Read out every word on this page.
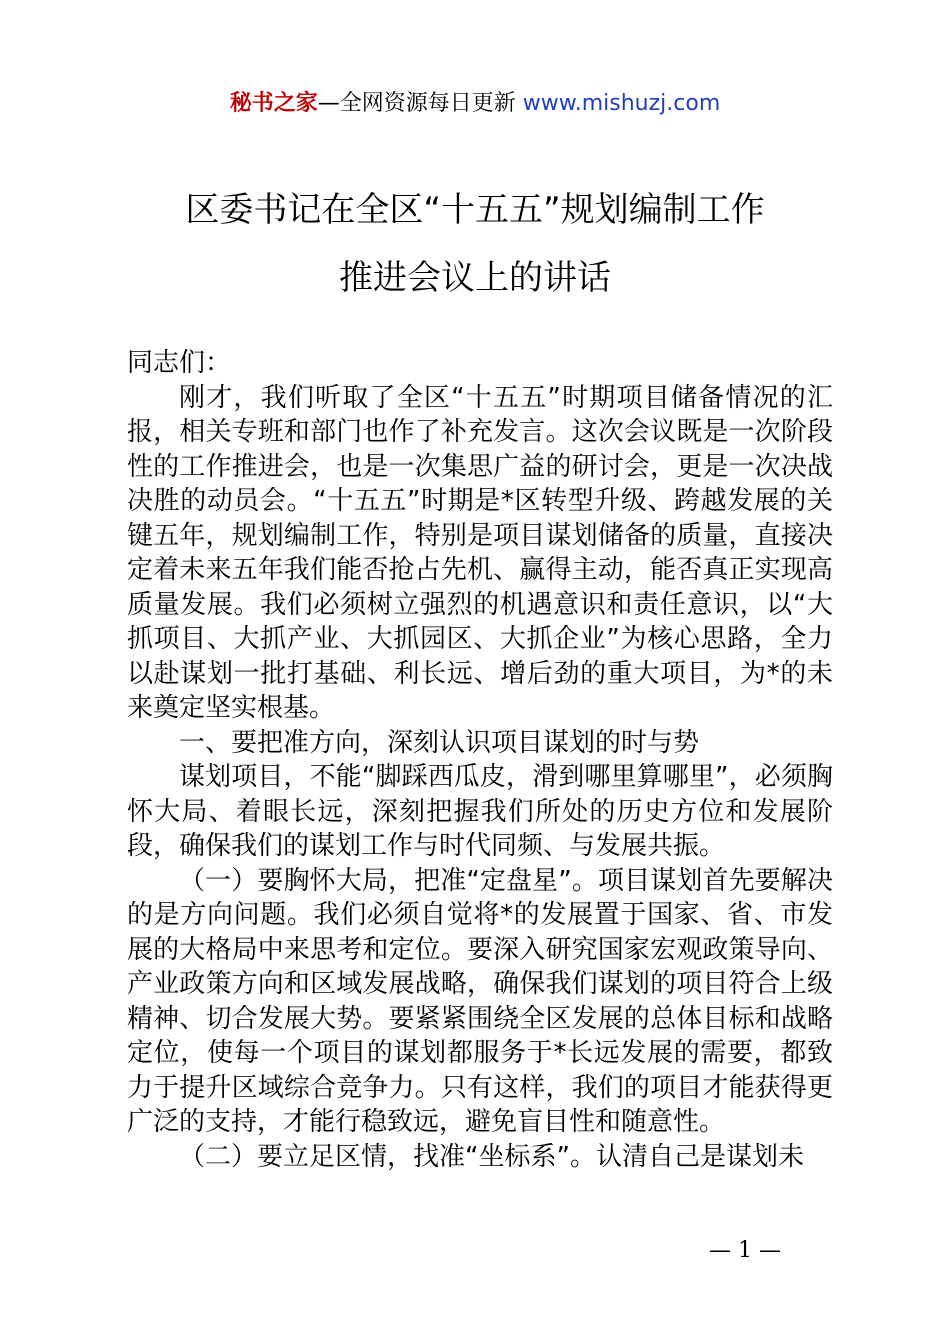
秘书之家—全网资源每日更新 www.mishuzj.com
区委书记在全区“十五五”规划编制工作
推进会议上的讲话

同志们：

刚才，我们听取了全区“十五五”时期项目储备情况的汇报，相关专班和部门也作了补充发言。这次会议既是一次阶段性的工作推进会，也是一次集思广益的研讨会，更是一次决战决胜的动员会。“十五五”时期是*区转型升级、跨越发展的关键五年，规划编制工作，特别是项目谋划储备的质量，直接决定着未来五年我们能否抢占先机、赢得主动，能否真正实现高质量发展。我们必须树立强烈的机遇意识和责任意识，以“大抓项目、大抓产业、大抓园区、大抓企业”为核心思路，全力以赴谋划一批打基础、利长远、增后劲的重大项目，为*的未来奠定坚实根基。

一、要把准方向，深刻认识项目谋划的时与势

谋划项目，不能“脚踩西瓜皮，滑到哪里算哪里”，必须胸怀大局、着眼长远，深刻把握我们所处的历史方位和发展阶段，确保我们的谋划工作与时代同频、与发展共振。

（一）要胸怀大局，把准“定盘星”。项目谋划首先要解决的是方向问题。我们必须自觉将*的发展置于国家、省、市发展的大格局中来思考和定位。要深入研究国家宏观政策导向、产业政策方向和区域发展战略，确保我们谋划的项目符合上级精神、切合发展大势。要紧紧围绕全区发展的总体目标和战略定位，使每一个项目的谋划都服务于*长远发展的需要，都致力于提升区域综合竞争力。只有这样，我们的项目才能获得更广泛的支持，才能行稳致远，避免盲目性和随意性。

（二）要立足区情，找准“坐标系”。认清自己是谋划未

— 1 —
